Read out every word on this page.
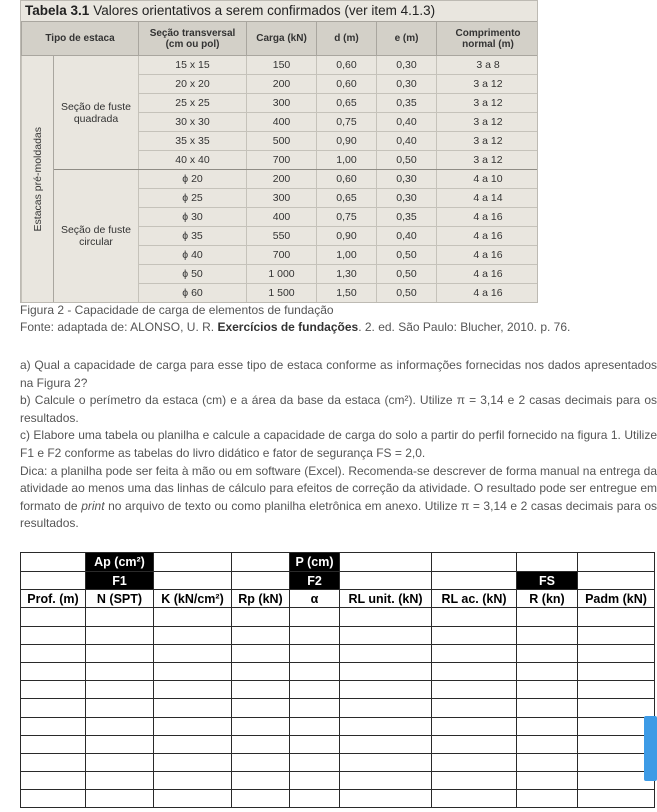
Tabela 3.1 Valores orientativos a serem confirmados (ver item 4.1.3)
Tipo de estaca		Seção transversal (cm ou pol)	Carga (kN)	d (m)	e (m)	Comprimento normal (m)

Estacas pré-moldadas	Seção de fuste quadrada	15 x 15	150	0,60	0,30	3 a 8
		20 x 20	200	0,60	0,30	3 a 12
		25 x 25	300	0,65	0,35	3 a 12
		30 x 30	400	0,75	0,40	3 a 12
		35 x 35	500	0,90	0,40	3 a 12
		40 x 40	700	1,00	0,50	3 a 12
	Seção de fuste circular	ϕ 20	200	0,60	0,30	4 a 10
		ϕ 25	300	0,65	0,30	4 a 14
		ϕ 30	400	0,75	0,35	4 a 16
		ϕ 35	550	0,90	0,40	4 a 16
		ϕ 40	700	1,00	0,50	4 a 16
		ϕ 50	1 000	1,30	0,50	4 a 16
		ϕ 60	1 500	1,50	0,50	4 a 16
Figura 2 - Capacidade de carga de elementos de fundação
Fonte: adaptada de: ALONSO, U. R. Exercícios de fundações. 2. ed. São Paulo: Blucher, 2010. p. 76.

a) Qual a capacidade de carga para esse tipo de estaca conforme as informações fornecidas nos dados apresentados na Figura 2?

b) Calcule o perímetro da estaca (cm) e a área da base da estaca (cm²). Utilize π = 3,14 e 2 casas decimais para os resultados.

c) Elabore uma tabela ou planilha e calcule a capacidade de carga do solo a partir do perfil fornecido na figura 1. Utilize F1 e F2 conforme as tabelas do livro didático e fator de segurança FS = 2,0.

Dica: a planilha pode ser feita à mão ou em software (Excel). Recomenda-se descrever de forma manual na entrega da atividade ao menos uma das linhas de cálculo para efeitos de correção da atividade. O resultado pode ser entregue em formato de print no arquivo de texto ou como planilha eletrônica em anexo. Utilize π = 3,14 e 2 casas decimais para os resultados.

	Ap (cm²)			P (cm)				
	F1			F2			FS	
Prof. (m)	N (SPT)	K (kN/cm²)	Rp (kN)	α	RL unit. (kN)	RL ac. (kN)	R (kn)	Padm (kN)
